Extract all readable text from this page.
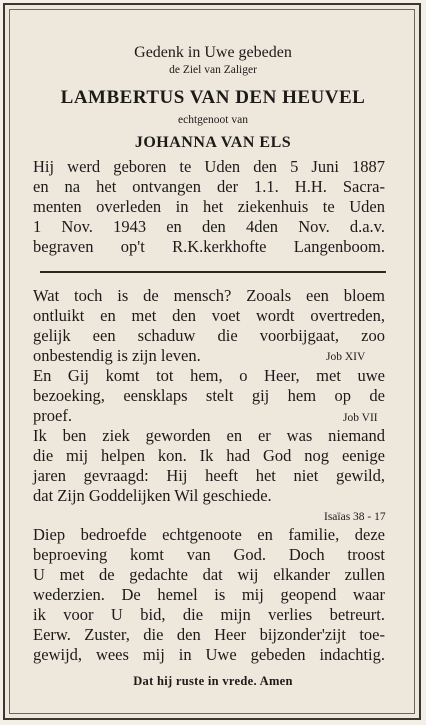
Gedenk in Uwe gebeden
de Ziel van Zaliger
LAMBERTUS VAN DEN HEUVEL
echtgenoot van
JOHANNA VAN ELS
Hij werd geboren te Uden den 5 Juni 1887
en na het ontvangen der 1.1. H.H. Sacra-
menten overleden in het ziekenhuis te Uden
1 Nov. 1943 en den 4den Nov. d.a.v.
begraven op't R.K.kerkhofte Langenboom.
Wat toch is de mensch? Zooals een bloem
ontluikt en met den voet wordt overtreden,
gelijk een schaduw die voorbijgaat, zoo
onbestendig is zijn leven.	Job XIV
En Gij komt tot hem, o Heer, met uwe
bezoeking, eensklaps stelt gij hem op de
proef.	Job VII
Ik ben ziek geworden en er was niemand
die mij helpen kon. Ik had God nog eenige
jaren gevraagd: Hij heeft het niet gewild,
dat Zijn Goddelijken Wil geschiede.
Isaïas 38 - 17
Diep bedroefde echtgenoote en familie, deze
beproeving komt van God. Doch troost
U met de gedachte dat wij elkander zullen
wederzien. De hemel is mij geopend waar
ik voor U bid, die mijn verlies betreurt.
Eerw. Zuster, die den Heer bijzonder'zijt toe-
gewijd, wees mij in Uwe gebeden indachtig.
Dat hij ruste in vrede. Amen
